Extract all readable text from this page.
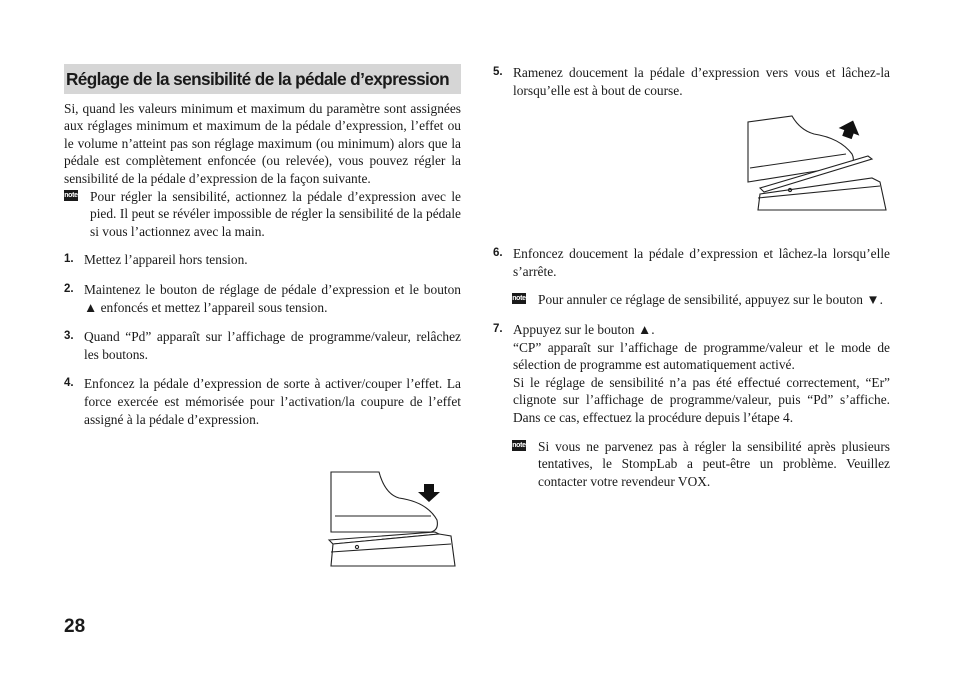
Réglage de la sensibilité de la pédale d’expression
Si, quand les valeurs minimum et maximum du paramètre sont assignées aux réglages minimum et maximum de la pédale d’expression, l’effet ou le volume n’atteint pas son réglage maximum (ou minimum) alors que la pédale est complètement enfoncée (ou relevée), vous pouvez régler la sensibilité de la pédale d’expression de la façon suivante.
note Pour régler la sensibilité, actionnez la pédale d’expression avec le pied. Il peut se révéler impossible de régler la sensibilité de la pédale si vous l’actionnez avec la main.
1. Mettez l’appareil hors tension.
2. Maintenez le bouton de réglage de pédale d’expression et le bouton ▲ enfoncés et mettez l’appareil sous tension.
3. Quand “Pd” apparaît sur l’affichage de programme/valeur, relâchez les boutons.
4. Enfoncez la pédale d’expression de sorte à activer/couper l’effet. La force exercée est mémorisée pour l’activation/la coupure de l’effet assigné à la pédale d’expression.
5. Ramenez doucement la pédale d’expression vers vous et lâchez-la lorsqu’elle est à bout de course.
6. Enfoncez doucement la pédale d’expression et lâchez-la lorsqu’elle s’arrête.
note Pour annuler ce réglage de sensibilité, appuyez sur le bouton ▼.
7. Appuyez sur le bouton ▲.
“CP” apparaît sur l’affichage de programme/valeur et le mode de sélection de programme est automatiquement activé.
Si le réglage de sensibilité n’a pas été effectué correctement, “Er” clignote sur l’affichage de programme/valeur, puis “Pd” s’affiche. Dans ce cas, effectuez la procédure depuis l’étape 4.
note Si vous ne parvenez pas à régler la sensibilité après plusieurs tentatives, le StompLab a peut-être un problème. Veuillez contacter votre revendeur VOX.
28
